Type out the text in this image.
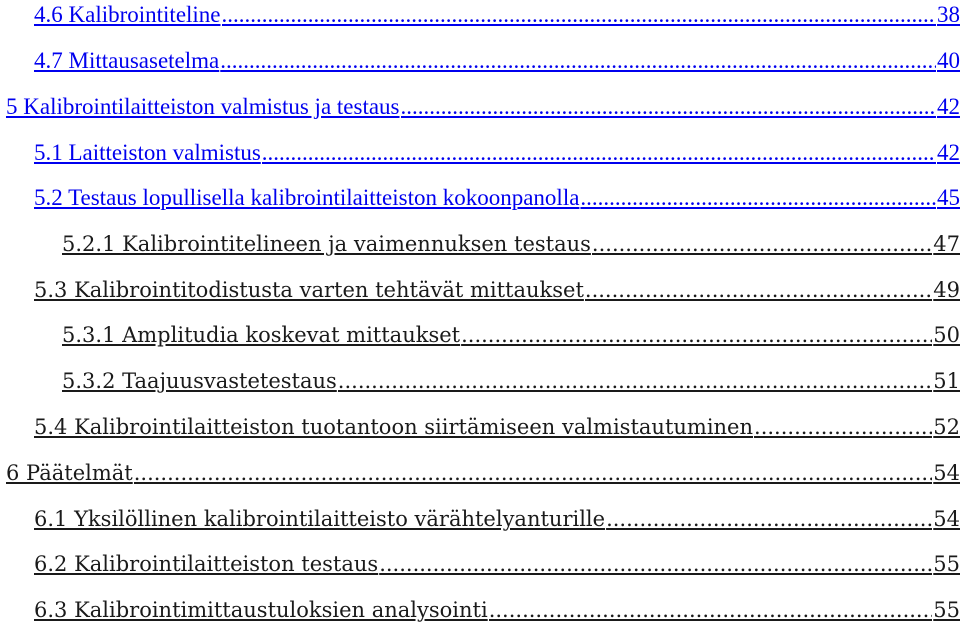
4.6 Kalibrointiteline .....	38
4.7 Mittausasetelma .....	40
5 Kalibrointilaitteiston valmistus ja testaus .....	42
5.1 Laitteiston valmistus .....	42
5.2 Testaus lopullisella kalibrointilaitteiston kokoonpanolla .....	45
5.2.1 Kalibrointitelineen ja vaimennuksen testaus .....	47
5.3 Kalibrointitodistusta varten tehtävät mittaukset .....	49
5.3.1 Amplitudia koskevat mittaukset .....	50
5.3.2 Taajuusvastetestaus .....	51
5.4 Kalibrointilaitteiston tuotantoon siirtämiseen valmistautuminen .....	52
6 Päätelmät .....	54
6.1 Yksilöllinen kalibrointilaitteisto värähtelyanturille .....	54
6.2 Kalibrointilaitteiston testaus .....	55
6.3 Kalibrointimittaustuloksien analysointi .....	55
